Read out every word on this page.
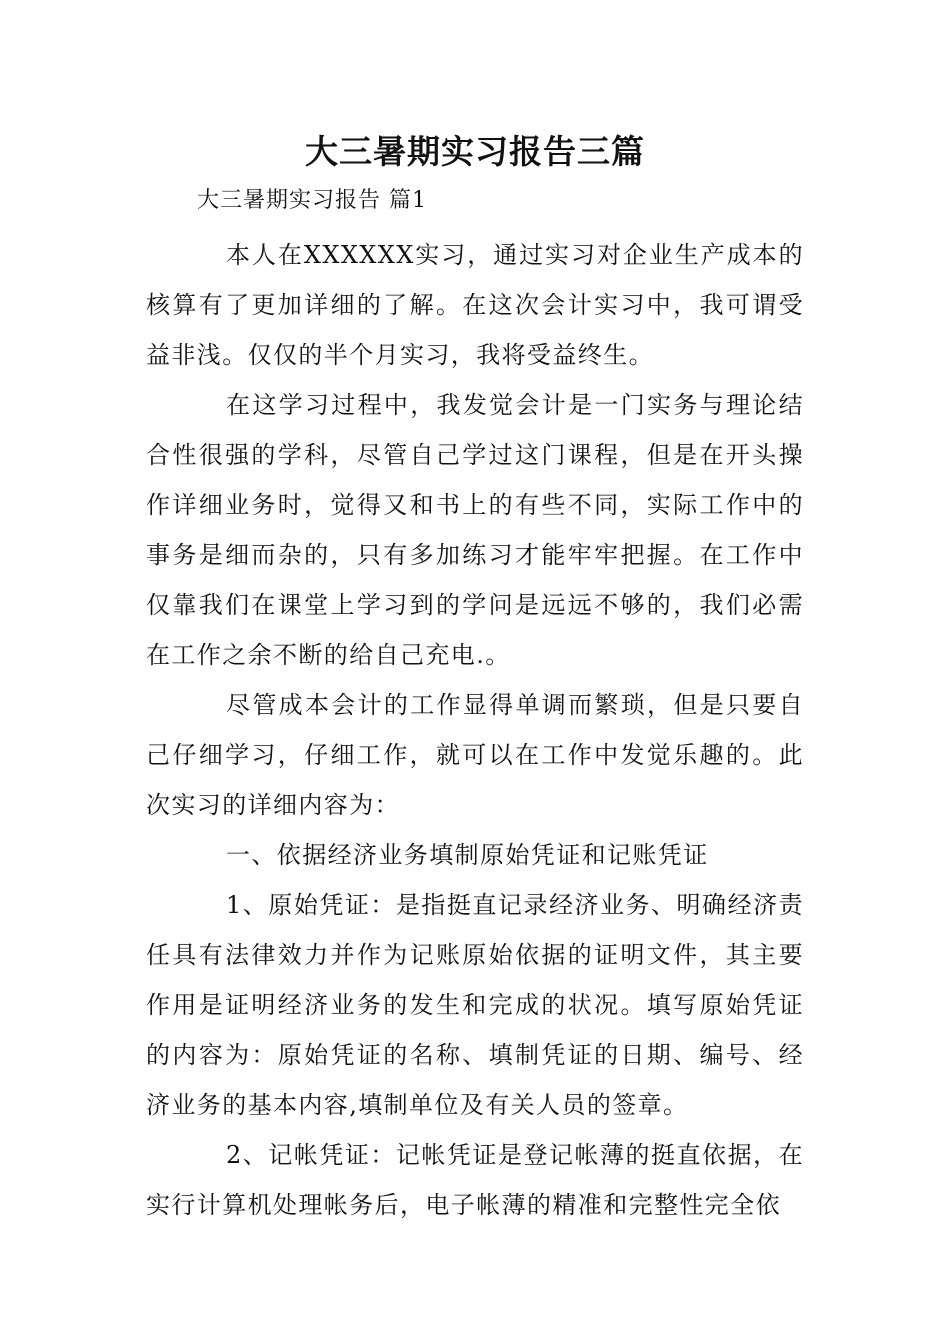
大三暑期实习报告三篇
大三暑期实习报告 篇1

本人在XXXXXX实习，通过实习对企业生产成本的核算有了更加详细的了解。在这次会计实习中，我可谓受益非浅。仅仅的半个月实习，我将受益终生。

在这学习过程中，我发觉会计是一门实务与理论结合性很强的学科，尽管自己学过这门课程，但是在开头操作详细业务时，觉得又和书上的有些不同，实际工作中的事务是细而杂的，只有多加练习才能牢牢把握。在工作中仅靠我们在课堂上学习到的学问是远远不够的，我们必需在工作之余不断的给自己充电.。

尽管成本会计的工作显得单调而繁琐，但是只要自己仔细学习，仔细工作，就可以在工作中发觉乐趣的。此次实习的详细内容为：

一、依据经济业务填制原始凭证和记账凭证

1、原始凭证：是指挺直记录经济业务、明确经济责任具有法律效力并作为记账原始依据的证明文件，其主要作用是证明经济业务的发生和完成的状况。填写原始凭证的内容为：原始凭证的名称、填制凭证的日期、编号、经济业务的基本内容,填制单位及有关人员的签章。

2、记帐凭证：记帐凭证是登记帐薄的挺直依据，在实行计算机处理帐务后，电子帐薄的精准和完整性完全依
